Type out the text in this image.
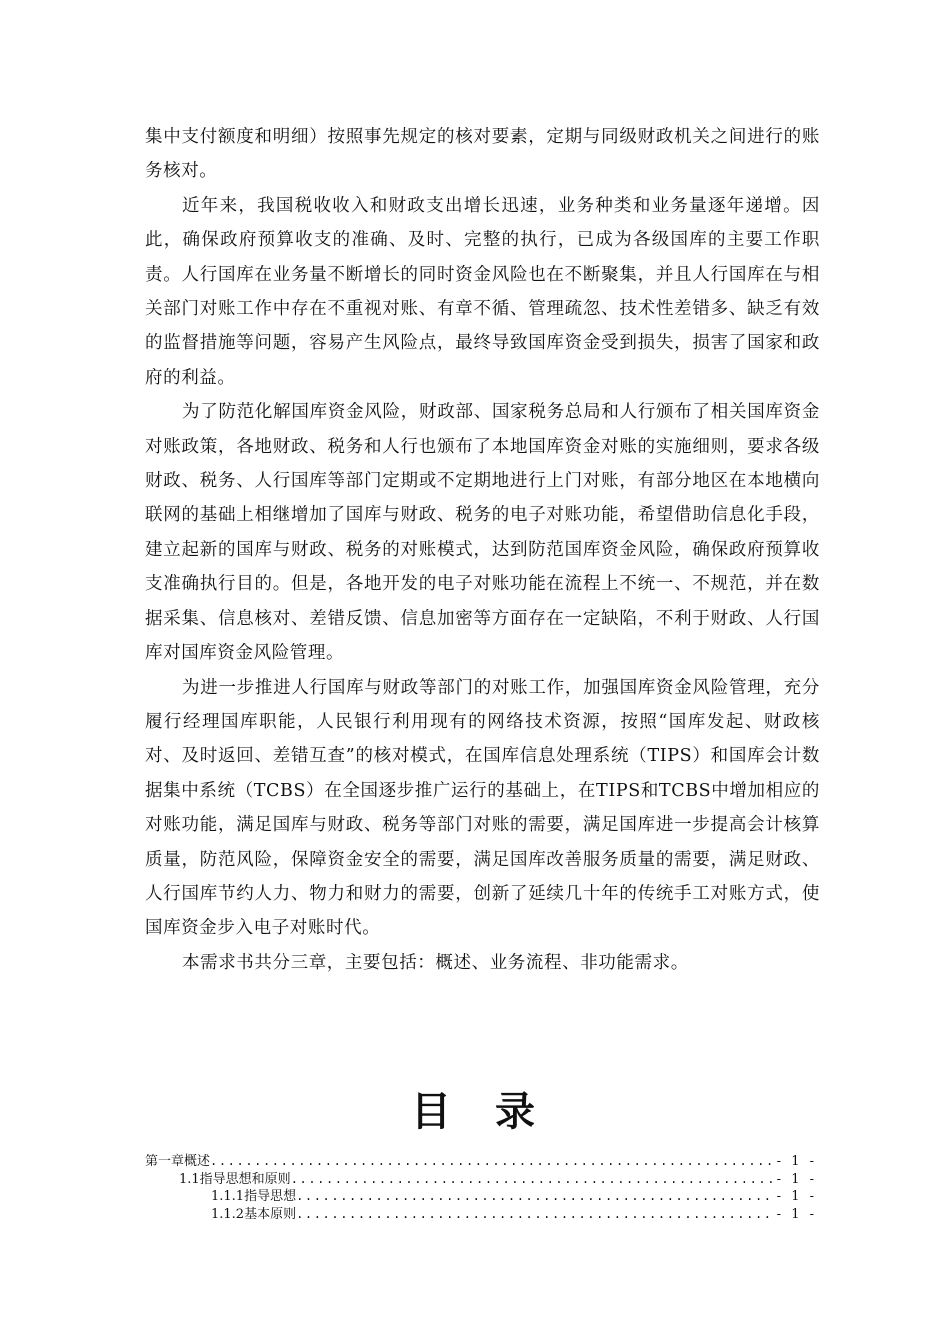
集中支付额度和明细）按照事先规定的核对要素，定期与同级财政机关之间进行的账务核对。

近年来，我国税收收入和财政支出增长迅速，业务种类和业务量逐年递增。因此，确保政府预算收支的准确、及时、完整的执行，已成为各级国库的主要工作职责。人行国库在业务量不断增长的同时资金风险也在不断聚集，并且人行国库在与相关部门对账工作中存在不重视对账、有章不循、管理疏忽、技术性差错多、缺乏有效的监督措施等问题，容易产生风险点，最终导致国库资金受到损失，损害了国家和政府的利益。

为了防范化解国库资金风险，财政部、国家税务总局和人行颁布了相关国库资金对账政策，各地财政、税务和人行也颁布了本地国库资金对账的实施细则，要求各级财政、税务、人行国库等部门定期或不定期地进行上门对账，有部分地区在本地横向联网的基础上相继增加了国库与财政、税务的电子对账功能，希望借助信息化手段，建立起新的国库与财政、税务的对账模式，达到防范国库资金风险，确保政府预算收支准确执行目的。但是，各地开发的电子对账功能在流程上不统一、不规范，并在数据采集、信息核对、差错反馈、信息加密等方面存在一定缺陷，不利于财政、人行国库对国库资金风险管理。

为进一步推进人行国库与财政等部门的对账工作，加强国库资金风险管理，充分履行经理国库职能，人民银行利用现有的网络技术资源，按照“国库发起、财政核对、及时返回、差错互查”的核对模式，在国库信息处理系统（TIPS）和国库会计数据集中系统（TCBS）在全国逐步推广运行的基础上，在TIPS和TCBS中增加相应的对账功能，满足国库与财政、税务等部门对账的需要，满足国库进一步提高会计核算质量，防范风险，保障资金安全的需要，满足国库改善服务质量的需要，满足财政、人行国库节约人力、物力和财力的需要，创新了延续几十年的传统手工对账方式，使国库资金步入电子对账时代。

本需求书共分三章，主要包括：概述、业务流程、非功能需求。

目录
第一章 概述 .....	- 1 -
1.1指导思想和原则 .....	- 1 -
1.1.1指导思想 .....	- 1 -
1.1.2基本原则 .....	- 1 -
